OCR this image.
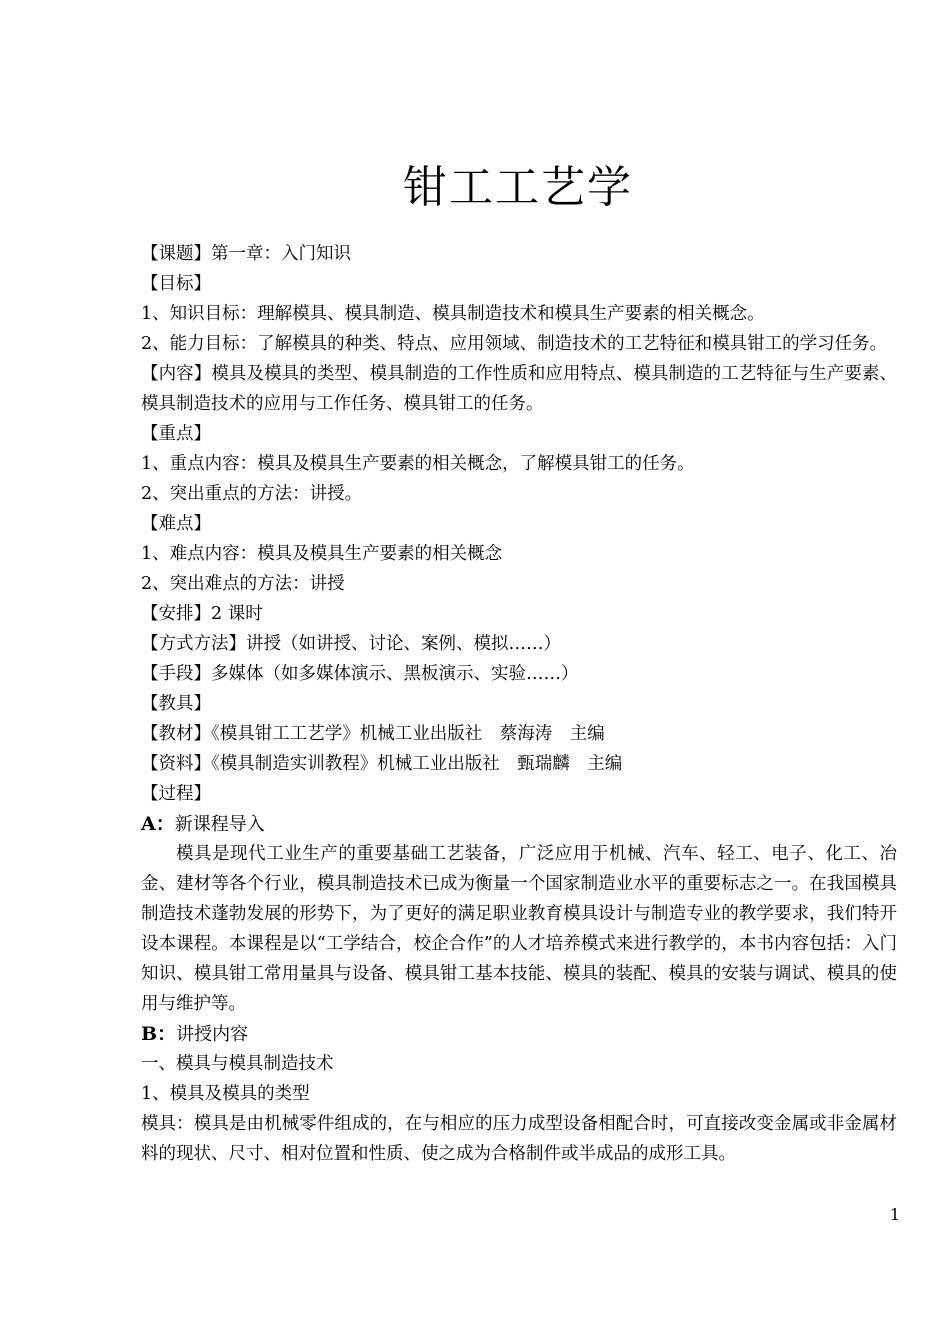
钳工工艺学
【课题】第一章：入门知识
【目标】
1、知识目标：理解模具、模具制造、模具制造技术和模具生产要素的相关概念。
2、能力目标：了解模具的种类、特点、应用领域、制造技术的工艺特征和模具钳工的学习任务。
【内容】模具及模具的类型、模具制造的工作性质和应用特点、模具制造的工艺特征与生产要素、模具制造技术的应用与工作任务、模具钳工的任务。
【重点】
1、重点内容：模具及模具生产要素的相关概念，了解模具钳工的任务。
2、突出重点的方法：讲授。
【难点】
1、难点内容：模具及模具生产要素的相关概念
2、突出难点的方法：讲授
【安排】2 课时
【方式方法】讲授（如讲授、讨论、案例、模拟……）
【手段】多媒体（如多媒体演示、黑板演示、实验……）
【教具】
【教材】《模具钳工工艺学》机械工业出版社　蔡海涛　主编
【资料】《模具制造实训教程》机械工业出版社　甄瑞麟　主编
【过程】
A：新课程导入
模具是现代工业生产的重要基础工艺装备，广泛应用于机械、汽车、轻工、电子、化工、冶金、建材等各个行业，模具制造技术已成为衡量一个国家制造业水平的重要标志之一。在我国模具制造技术蓬勃发展的形势下，为了更好的满足职业教育模具设计与制造专业的教学要求，我们特开设本课程。本课程是以“工学结合，校企合作”的人才培养模式来进行教学的，本书内容包括：入门知识、模具钳工常用量具与设备、模具钳工基本技能、模具的装配、模具的安装与调试、模具的使用与维护等。
B：讲授内容
一、模具与模具制造技术
1、模具及模具的类型
模具：模具是由机械零件组成的，在与相应的压力成型设备相配合时，可直接改变金属或非金属材料的现状、尺寸、相对位置和性质、使之成为合格制件或半成品的成形工具。
1
